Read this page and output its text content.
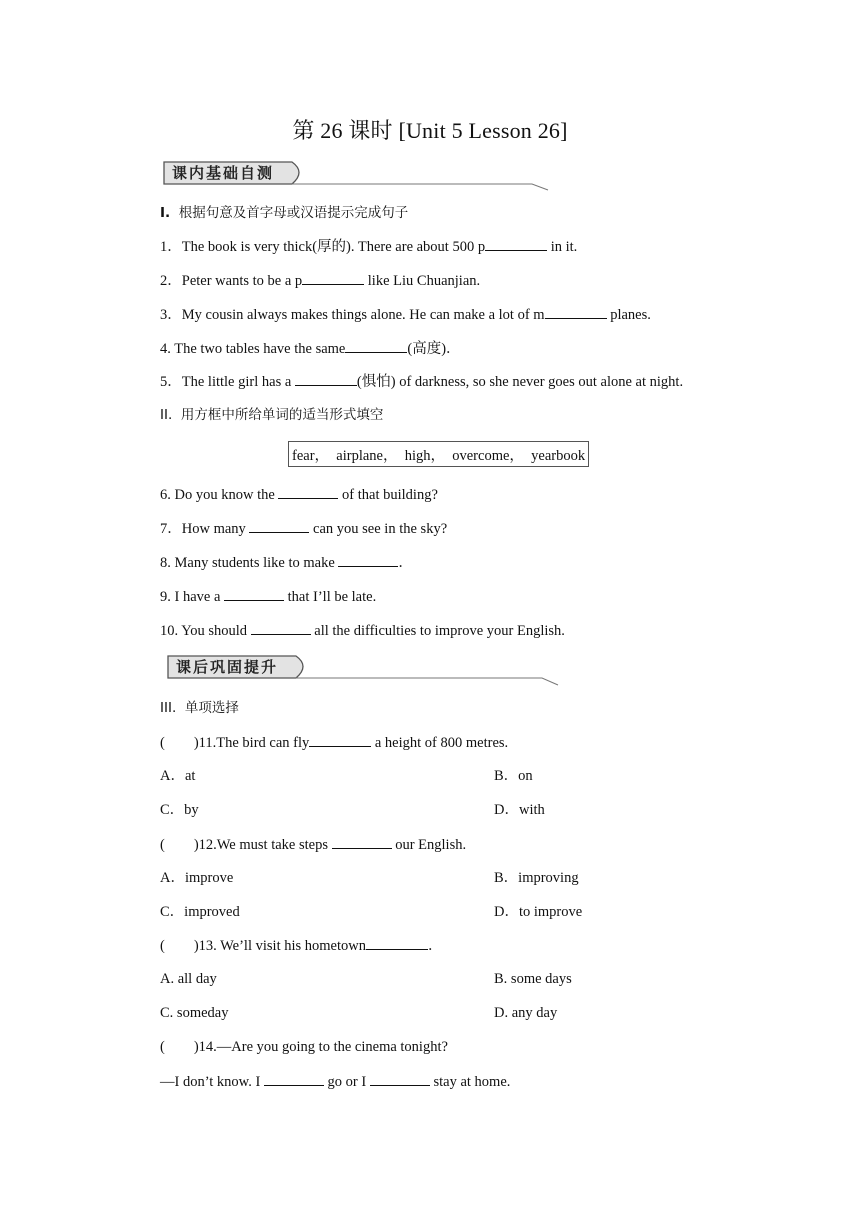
第 26 课时 [Unit 5 Lesson 26]
课内基础自测
I. 根据句意及首字母或汉语提示完成句子
1．The book is very thick(厚的). There are about 500 p	in it.
2．Peter wants to be a p	like Liu Chuanjian.
3．My cousin always makes things alone. He can make a lot of m	planes.
4. The two tables have the same	(高度)．
5．The little girl has a	(惧怕) of darkness, so she never goes out alone at night.
II.  用方框中所给单词的适当形式填空
fear，  airplane，  high，  overcome，  yearbook
6. Do you know the	of that building?
7．How many	can you see in the sky?
8. Many students like to make	．
9. I have a	that I’ll be late.
10. You should	all the difficulties to improve your English.
课后巩固提升
III.  单项选择
(        )11.The bird can fly	a height of 800 metres.
A．at	B．on
C．by	D．with
(        )12.We must take steps	our English.
A．improve	B．improving
C．improved	D．to improve
(        )13. We’ll visit his hometown	．
A. all day	B. some days
C. someday	D. any day
(        )14.—Are you going to the cinema tonight?
—I don’t know. I	go or I	stay at home.
